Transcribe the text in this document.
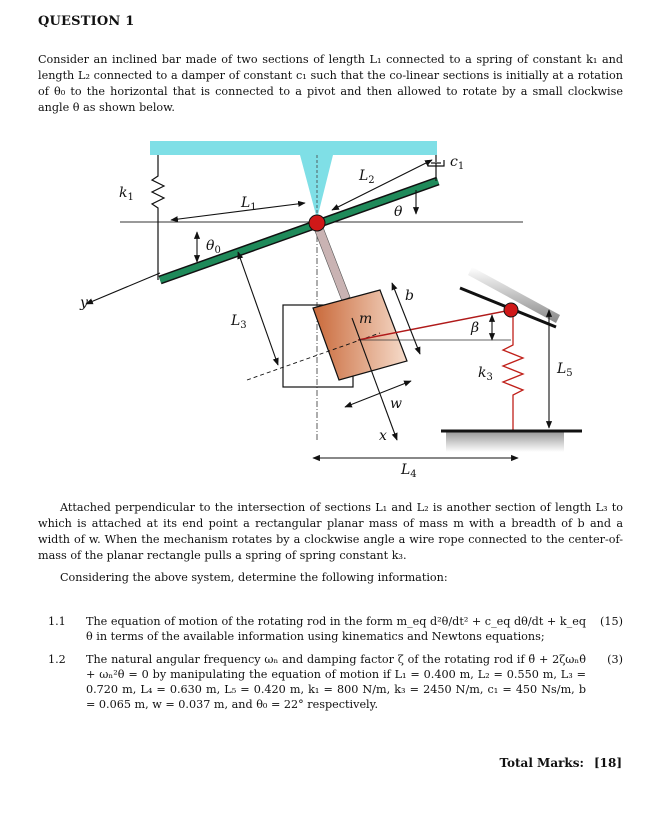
QUESTION 1
Consider an inclined bar made of two sections of length L₁ connected to a spring of constant k₁ and length L₂ connected to a damper of constant c₁ such that the co-linear sections is initially at a rotation of θ₀ to the horizontal that is connected to a pivot and then allowed to rotate by a small clockwise angle θ as shown below.
$k_1$
$c_1$
$L_1$
$L_2$
$L_3$
$L_4$
$L_5$
$k_3$
θ
$\theta_0$
β
m
b
w
x
y
Attached perpendicular to the intersection of sections L₁ and L₂ is another section of length L₃ to which is attached at its end point a rectangular planar mass of mass m with a breadth of b and a width of w. When the mechanism rotates by a clockwise angle a wire rope connected to the center-of-mass of the planar rectangle pulls a spring of spring constant k₃.
Considering the above system, determine the following information:
1.1 The equation of motion of the rotating rod in the form m_eq d²θ/dt² + c_eq dθ/dt + k_eq θ in terms of the available information using kinematics and Newtons equations;
(15)
1.2 The natural angular frequency ωₙ and damping factor ζ of the rotating rod if θ̈ + 2ζωₙθ̇ + ωₙ²θ = 0 by manipulating the equation of motion if L₁ = 0.400 m, L₂ = 0.550 m, L₃ = 0.720 m, L₄ = 0.630 m, L₅ = 0.420 m, k₁ = 800 N/m, k₃ = 2450 N/m, c₁ = 450 Ns/m, b = 0.065 m, w = 0.037 m, and θ₀ = 22° respectively.
(3)
Total Marks: [18]
